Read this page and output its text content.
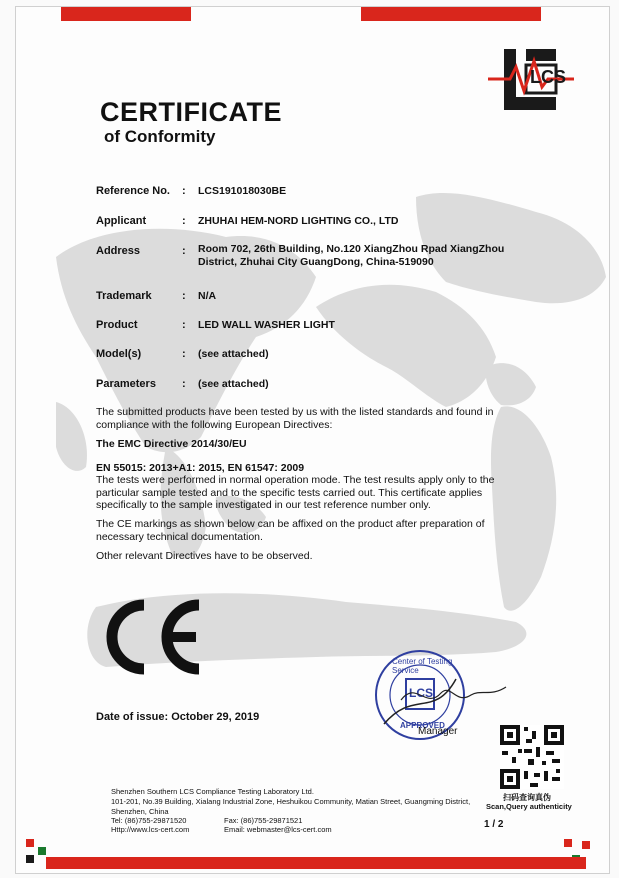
LCS
CERTIFICATE
of Conformity
Reference No. : LCS191018030BE
Applicant	: ZHUHAI HEM-NORD LIGHTING CO., LTD
Address	: Room 702, 26th Building, No.120 XiangZhou Rpad XiangZhou District, Zhuhai City GuangDong, China-519090
Trademark	: N/A
Product	: LED WALL WASHER LIGHT
Model(s)	: (see attached)
Parameters : (see attached)
The submitted products have been tested by us with the listed standards and found in compliance with the following European Directives:
The EMC Directive 2014/30/EU
EN 55015: 2013+A1: 2015, EN 61547: 2009
The tests were performed in normal operation mode. The test results apply only to the particular sample tested and to the specific tests carried out. This certificate applies specifically to the sample investigated in our test reference number only.
The CE markings as shown below can be affixed on the product after preparation of necessary technical documentation.
Other relevant Directives have to be observed.
Center of Testing Service
APPROVED
LCS
Manager
Date of issue: October 29, 2019
扫码查询真伪
Scan,Query authenticity
Shenzhen Southern LCS Compliance Testing Laboratory Ltd.
101-201, No.39 Building, Xialang Industrial Zone, Heshuikou Community, Matian Street, Guangming District, Shenzhen, China
Tel: (86)755-29871520	Fax: (86)755-29871521
Http://www.lcs-cert.com	Email: webmaster@lcs-cert.com	1 / 2
